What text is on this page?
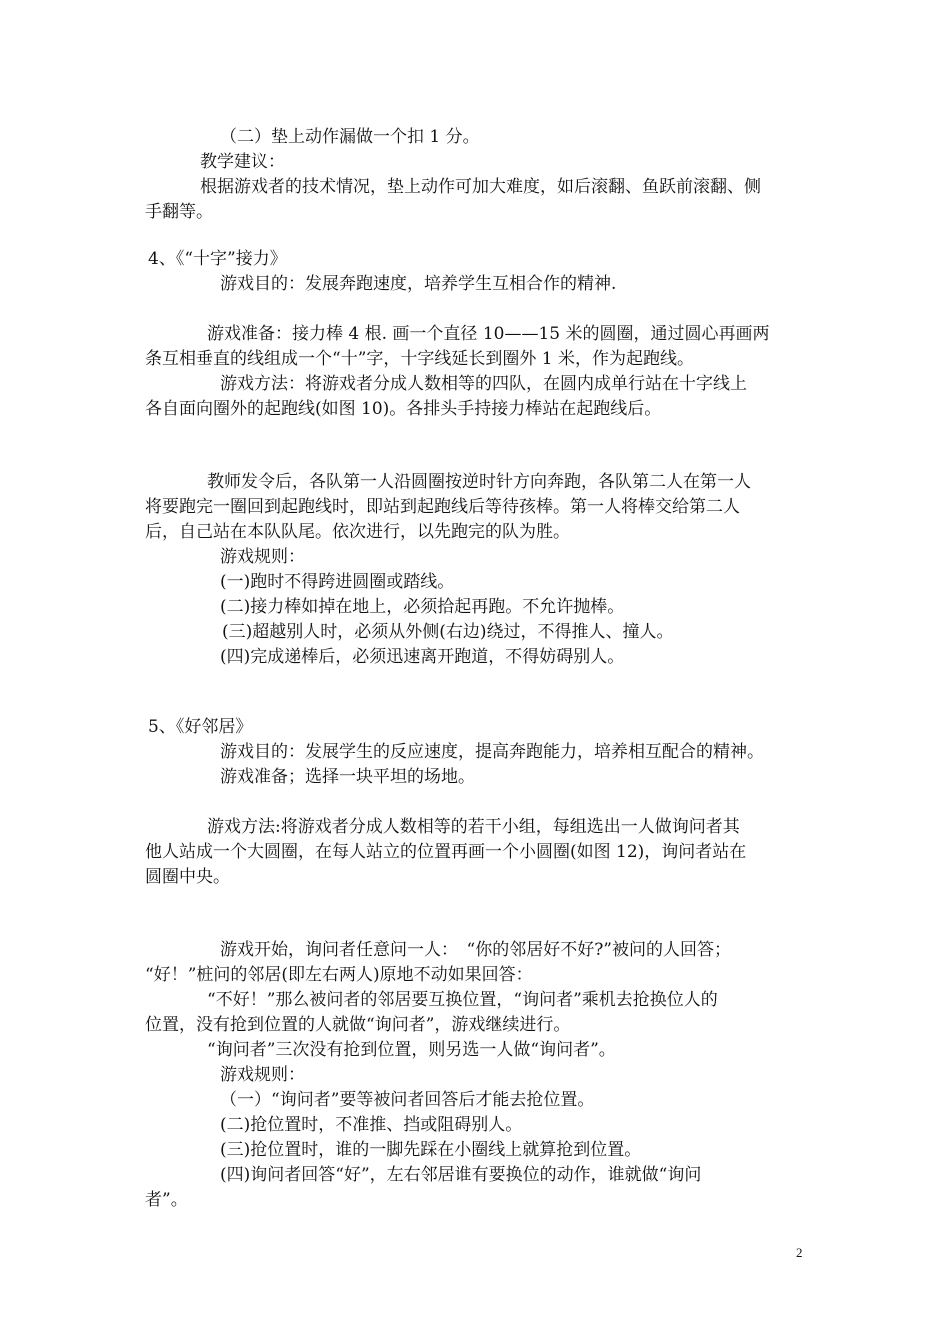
（二）垫上动作漏做一个扣 1 分。
教学建议：
根据游戏者的技术情况，垫上动作可加大难度，如后滚翻、鱼跃前滚翻、侧
手翻等。
4、《“十字”接力》
游戏目的：发展奔跑速度，培养学生互相合作的精神.
游戏准备：接力棒 4 根. 画一个直径 10——15 米的圆圈，通过圆心再画两
条互相垂直的线组成一个“十”字，十字线延长到圈外 1 米，作为起跑线。
游戏方法：将游戏者分成人数相等的四队，在圆内成单行站在十字线上
各自面向圈外的起跑线(如图 10)。各排头手持接力棒站在起跑线后。
教师发令后，各队第一人沿圆圈按逆时针方向奔跑，各队第二人在第一人
将要跑完一圈回到起跑线时，即站到起跑线后等待孩棒。第一人将棒交给第二人
后，自己站在本队队尾。依次进行，以先跑完的队为胜。
游戏规则：
(一)跑时不得跨进圆圈或踏线。
(二)接力棒如掉在地上，必须拾起再跑。不允许抛棒。
(三)超越别人时，必须从外侧(右边)绕过，不得推人、撞人。
(四)完成递棒后，必须迅速离开跑道，不得妨碍别人。
5、《好邻居》
游戏目的：发展学生的反应速度，提高奔跑能力，培养相互配合的精神。
游戏准备；选择一块平坦的场地。
游戏方法:将游戏者分成人数相等的若干小组，每组选出一人做询问者其
他人站成一个大圆圈，在每人站立的位置再画一个小圆圈(如图 12)，询问者站在
圆圈中央。
游戏开始，询问者任意问一人：　“你的邻居好不好?”被问的人回答；
“好！”桩问的邻居(即左右两人)原地不动如果回答：
“不好！”那么被问者的邻居要互换位置，“询问者”乘机去抢换位人的
位置，没有抢到位置的人就做“询问者”，游戏继续进行。
“询问者”三次没有抢到位置，则另选一人做“询问者”。
游戏规则：
（一）“询问者”要等被问者回答后才能去抢位置。
(二)抢位置时，不准推、挡或阻碍别人。
(三)抢位置时，谁的一脚先踩在小圈线上就算抢到位置。
(四)询问者回答“好”，左右邻居谁有要换位的动作，谁就做“询问
者”。
2
